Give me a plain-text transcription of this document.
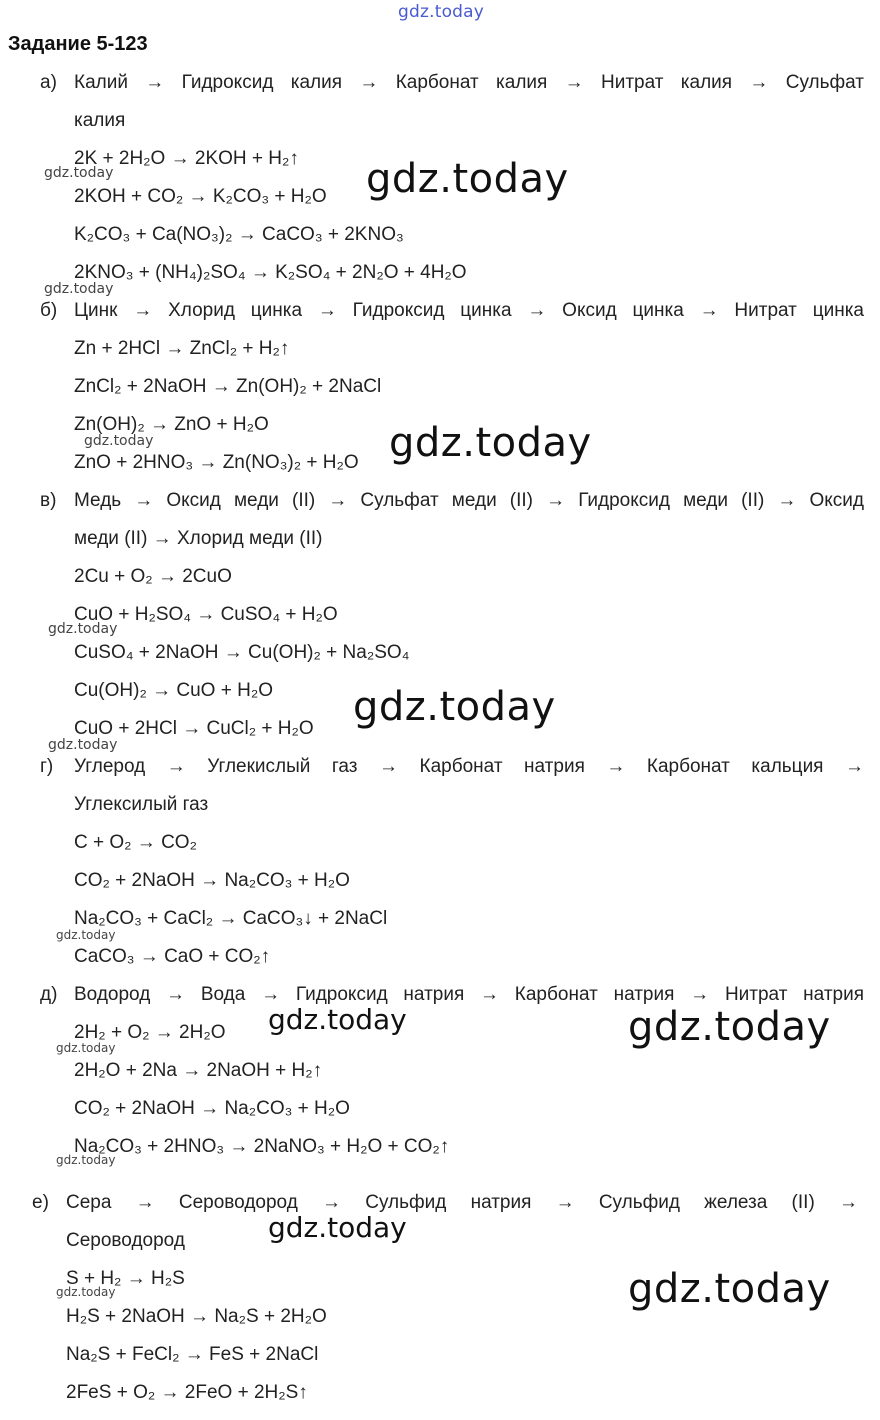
gdz.today
Задание 5-123
а) Калий → Гидроксид калия → Карбонат калия → Нитрат калия → Сульфат
калия
2K + 2H₂O → 2KOH + H₂↑
2KOH + CO₂ → K₂CO₃ + H₂O
K₂CO₃ + Ca(NO₃)₂ → CaCO₃ + 2KNO₃
2KNO₃ + (NH₄)₂SO₄ → K₂SO₄ + 2N₂O + 4H₂O
б) Цинк → Хлорид цинка → Гидроксид цинка → Оксид цинка → Нитрат цинка
Zn + 2HCl → ZnCl₂ + H₂↑
ZnCl₂ + 2NaOH → Zn(OH)₂ + 2NaCl
Zn(OH)₂ → ZnO + H₂O
ZnO + 2HNO₃ → Zn(NO₃)₂ + H₂O
в) Медь → Оксид меди (II) → Сульфат меди (II) → Гидроксид меди (II) → Оксид
меди (II) → Хлорид меди (II)
2Cu + O₂ → 2CuO
CuO + H₂SO₄ → CuSO₄ + H₂O
CuSO₄ + 2NaOH → Cu(OH)₂ + Na₂SO₄
Cu(OH)₂ → CuO + H₂O
CuO + 2HCl → CuCl₂ + H₂O
г) Углерод → Углекислый газ → Карбонат натрия → Карбонат кальция →
Углексилый газ
C + O₂ → CO₂
CO₂ + 2NaOH → Na₂CO₃ + H₂O
Na₂CO₃ + CaCl₂ → CaCO₃↓ + 2NaCl
CaCO₃ → CaO + CO₂↑
д) Водород → Вода → Гидроксид натрия → Карбонат натрия → Нитрат натрия
2H₂ + O₂ → 2H₂O
2H₂O + 2Na → 2NaOH + H₂↑
CO₂ + 2NaOH → Na₂CO₃ + H₂O
Na₂CO₃ + 2HNO₃ → 2NaNO₃ + H₂O + CO₂↑
е) Сера → Сероводород → Сульфид натрия → Сульфид железа (II) →
Сероводород
S + H₂ → H₂S
H₂S + 2NaOH → Na₂S + 2H₂O
Na₂S + FeCl₂ → FeS + 2NaCl
2FeS + O₂ → 2FeO + 2H₂S↑
gdz.today	gdz.today
gdz.today
gdz.today	gdz.today
gdz.today
gdz.today
gdz.today
gdz.today
gdz.today	gdz.today
gdz.today
gdz.today
gdz.today
gdz.today
gdz.today
